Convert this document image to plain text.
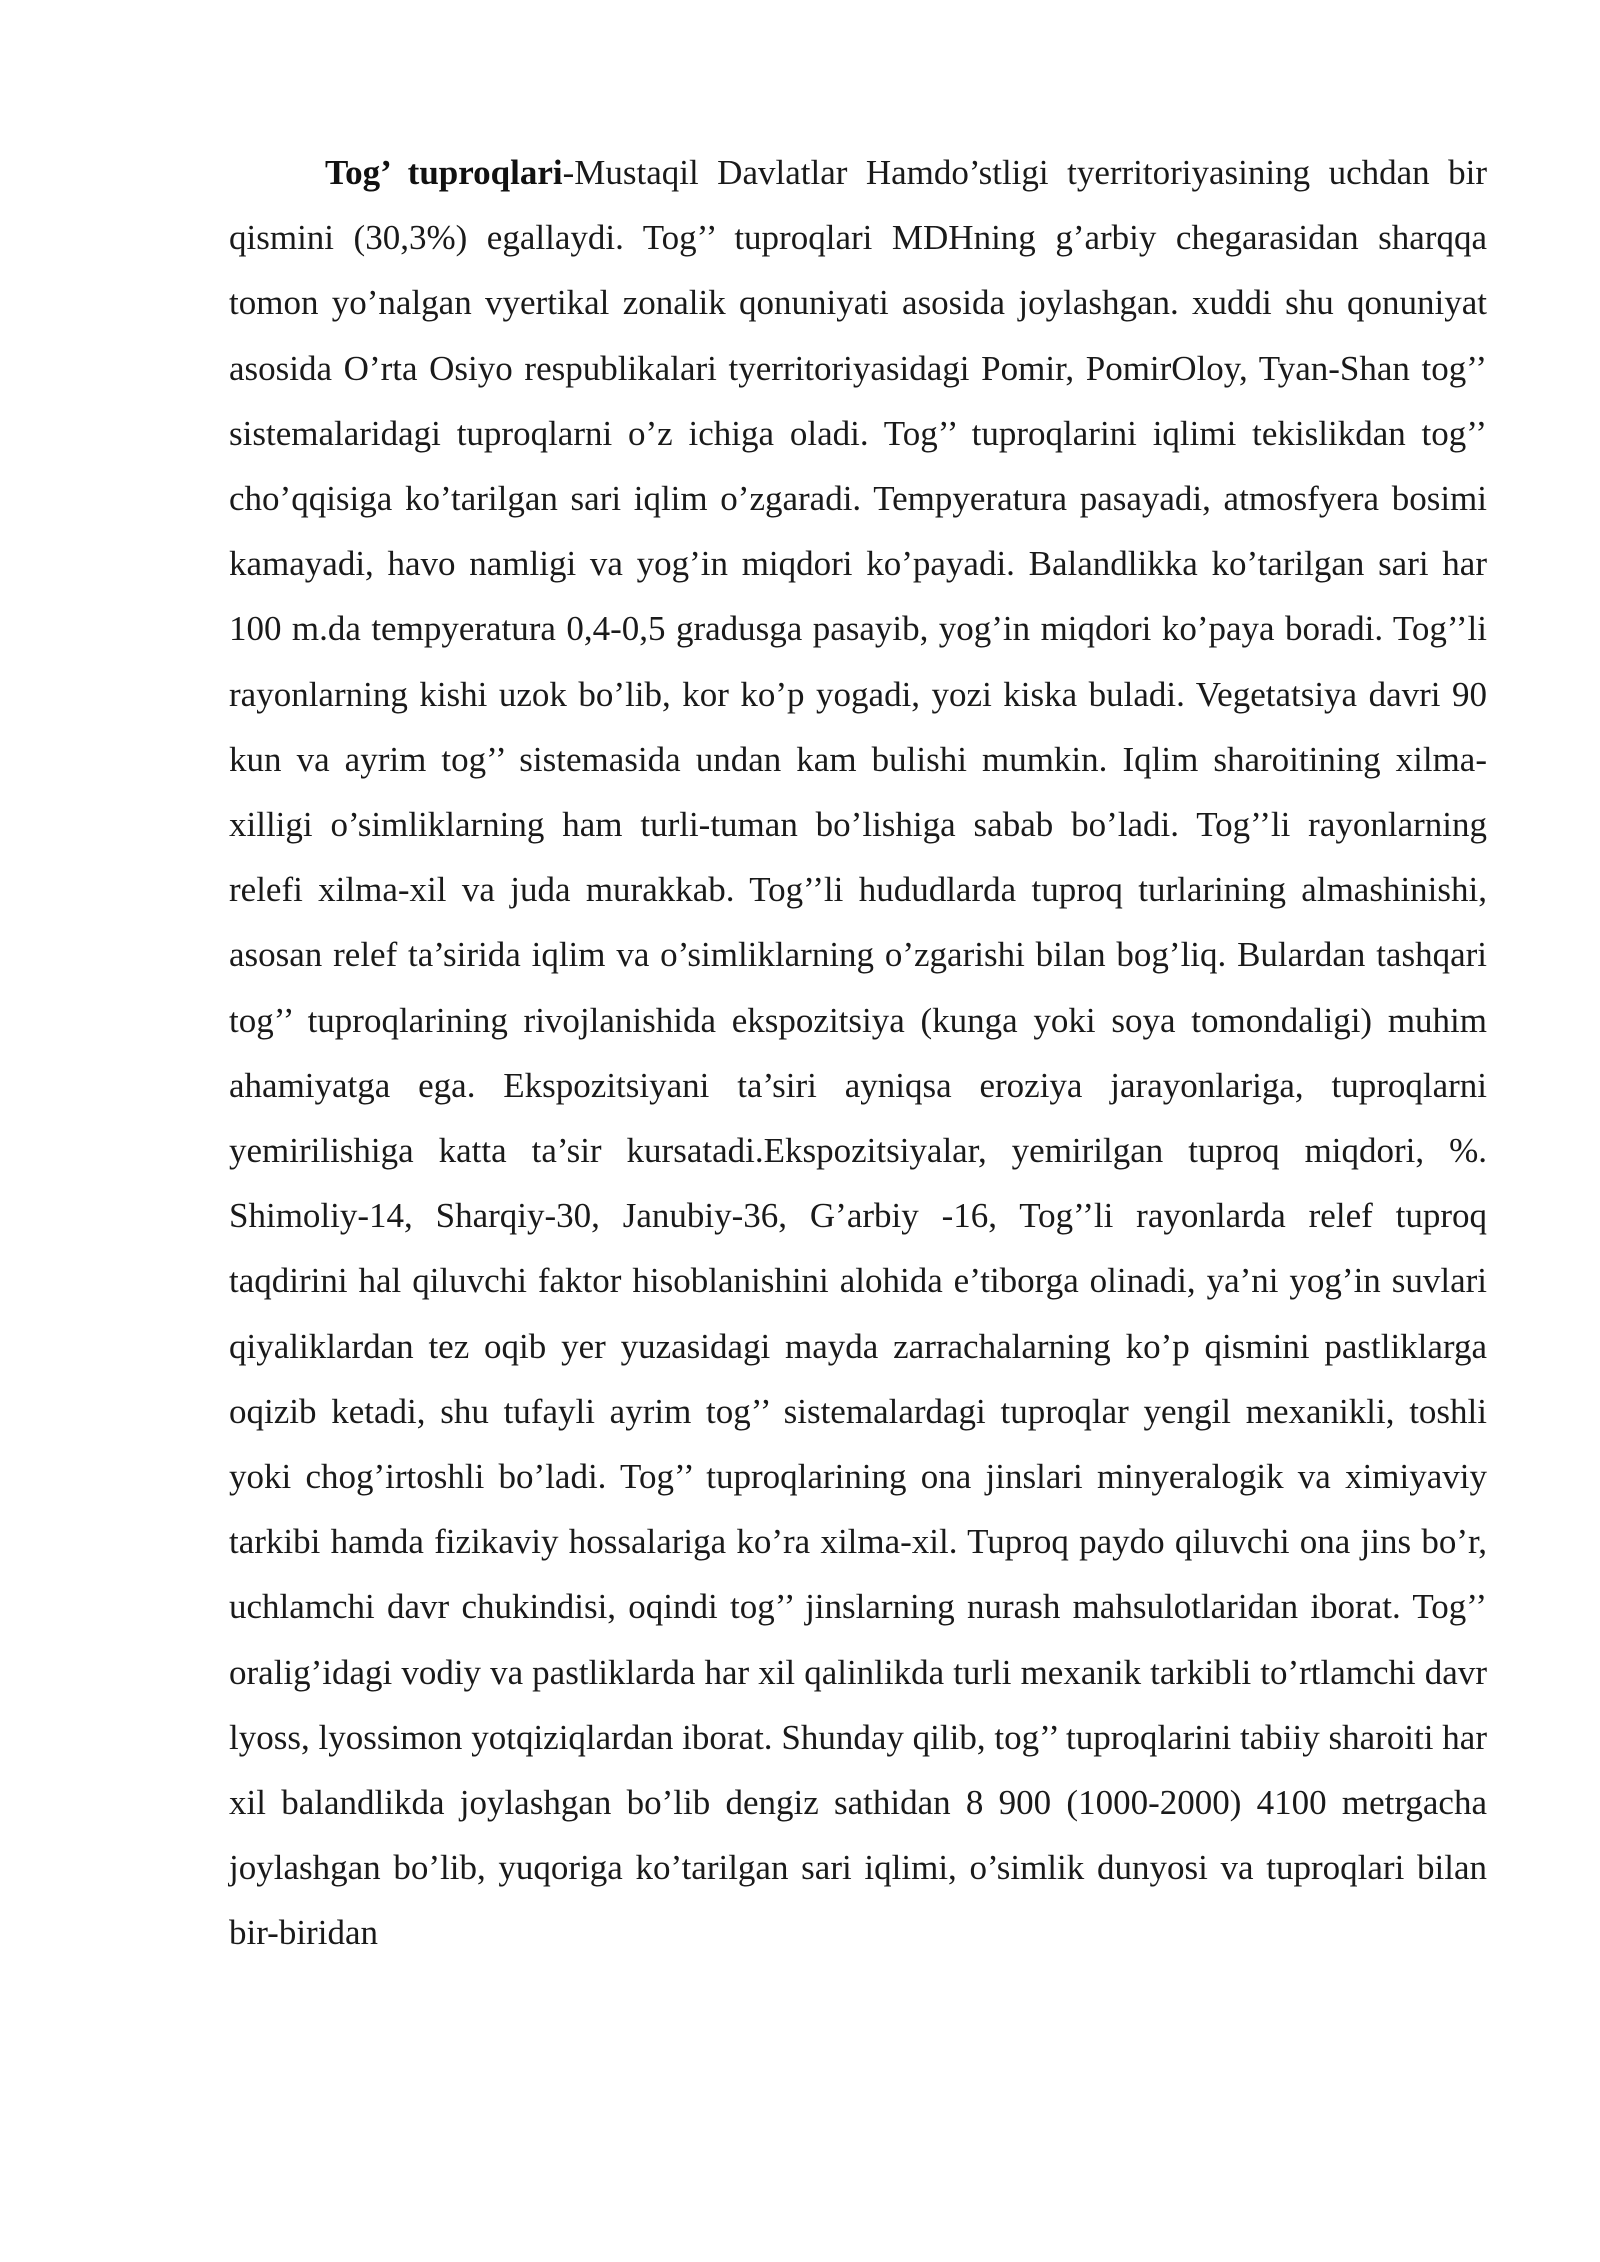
Tog’ tuproqlari-Mustaqil Davlatlar Hamdo’stligi tyerritoriyasining uchdan bir qismini (30,3%) egallaydi. Tog’’ tuproqlari MDHning g’arbiy chegarasidan sharqqa tomon yo’nalgan vyertikal zonalik qonuniyati asosida joylashgan. xuddi shu qonuniyat asosida O’rta Osiyo respublikalari tyerritoriyasidagi Pomir, PomirOloy, Tyan-Shan tog’’ sistemalaridagi tuproqlarni o’z ichiga oladi. Tog’’ tuproqlarini iqlimi tekislikdan tog’’ cho’qqisiga ko’tarilgan sari iqlim o’zgaradi. Tempyeratura pasayadi, atmosfyera bosimi kamayadi, havo namligi va yog’in miqdori ko’payadi. Balandlikka ko’tarilgan sari har 100 m.da tempyeratura 0,4-0,5 gradusga pasayib, yog’in miqdori ko’paya boradi. Tog’’li rayonlarning kishi uzok bo’lib, kor ko’p yogadi, yozi kiska buladi. Vegetatsiya davri 90 kun va ayrim tog’’ sistemasida undan kam bulishi mumkin. Iqlim sharoitining xilma-xilligi o’simliklarning ham turli-tuman bo’lishiga sabab bo’ladi. Tog’’li rayonlarning relefi xilma-xil va juda murakkab. Tog’’li hududlarda tuproq turlarining almashinishi, asosan relef ta’sirida iqlim va o’simliklarning o’zgarishi bilan bog’liq. Bulardan tashqari tog’’ tuproqlarining rivojlanishida ekspozitsiya (kunga yoki soya tomondaligi) muhim ahamiyatga ega. Ekspozitsiyani ta’siri ayniqsa eroziya jarayonlariga, tuproqlarni yemirilishiga katta ta’sir kursatadi.Ekspozitsiyalar, yemirilgan tuproq miqdori, %. Shimoliy-14, Sharqiy-30, Janubiy-36, G’arbiy -16, Tog’’li rayonlarda relef tuproq taqdirini hal qiluvchi faktor hisoblanishini alohida e’tiborga olinadi, ya’ni yog’in suvlari qiyaliklardan tez oqib yer yuzasidagi mayda zarrachalarning ko’p qismini pastliklarga oqizib ketadi, shu tufayli ayrim tog’’ sistemalardagi tuproqlar yengil mexanikli, toshli yoki chog’irtoshli bo’ladi. Tog’’ tuproqlarining ona jinslari minyeralogik va ximiyaviy tarkibi hamda fizikaviy hossalariga ko’ra xilma-xil. Tuproq paydo qiluvchi ona jins bo’r, uchlamchi davr chukindisi, oqindi tog’’ jinslarning nurash mahsulotlaridan iborat. Tog’’ oralig’idagi vodiy va pastliklarda har xil qalinlikda turli mexanik tarkibli to’rtlamchi davr lyoss, lyossimon yotqiziqlardan iborat. Shunday qilib, tog’’ tuproqlarini tabiiy sharoiti har xil balandlikda joylashgan bo’lib dengiz sathidan 8 900 (1000-2000) 4100 metrgacha joylashgan bo’lib, yuqoriga ko’tarilgan sari iqlimi, o’simlik dunyosi va tuproqlari bilan bir-biridan
